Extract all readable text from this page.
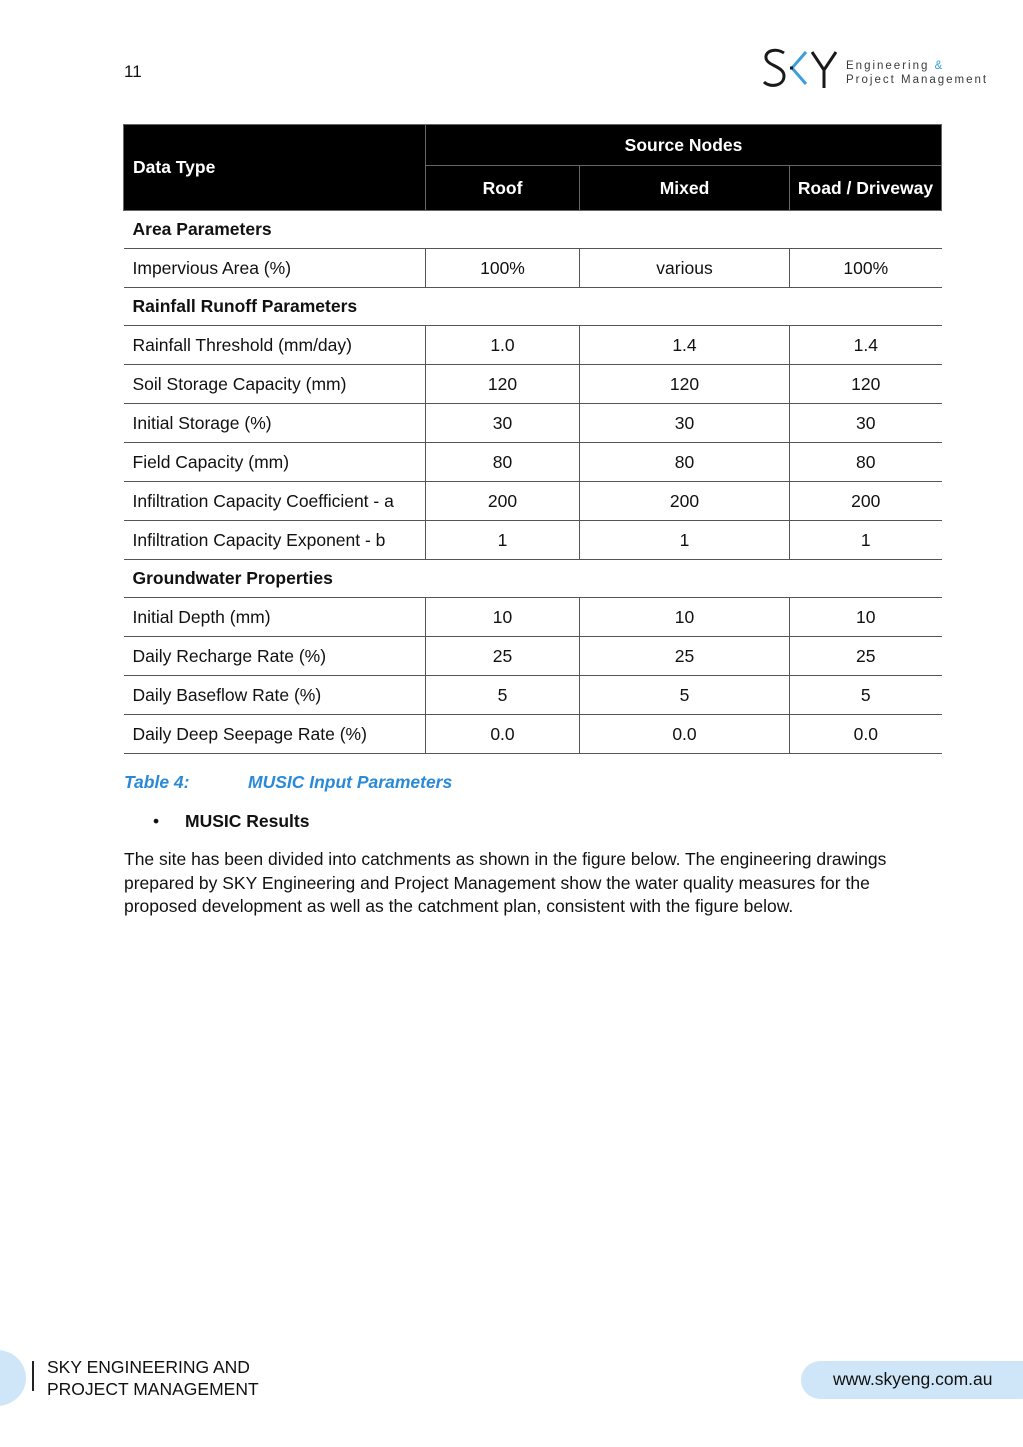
11	Engineering &
Project Management
Data Type	Source Nodes		
	Roof	Mixed	Road / Driveway
Area Parameters			
Impervious Area (%)	100%	various	100%
Rainfall Runoff Parameters			
Rainfall Threshold (mm/day)	1.0	1.4	1.4
Soil Storage Capacity (mm)	120	120	120
Initial Storage (%)	30	30	30
Field Capacity (mm)	80	80	80
Infiltration Capacity Coefficient - a	200	200	200
Infiltration Capacity Exponent - b	1	1	1
Groundwater Properties			
Initial Depth (mm)	10	10	10
Daily Recharge Rate (%)	25	25	25
Daily Baseflow Rate (%)	5	5	5
Daily Deep Seepage Rate (%)	0.0	0.0	0.0
Table 4:	MUSIC Input Parameters
• MUSIC Results
The site has been divided into catchments as shown in the figure below. The engineering drawings prepared by SKY Engineering and Project Management show the water quality measures for the proposed development as well as the catchment plan, consistent with the figure below.
SKY ENGINEERING AND
PROJECT MANAGEMENT	www.skyeng.com.au
